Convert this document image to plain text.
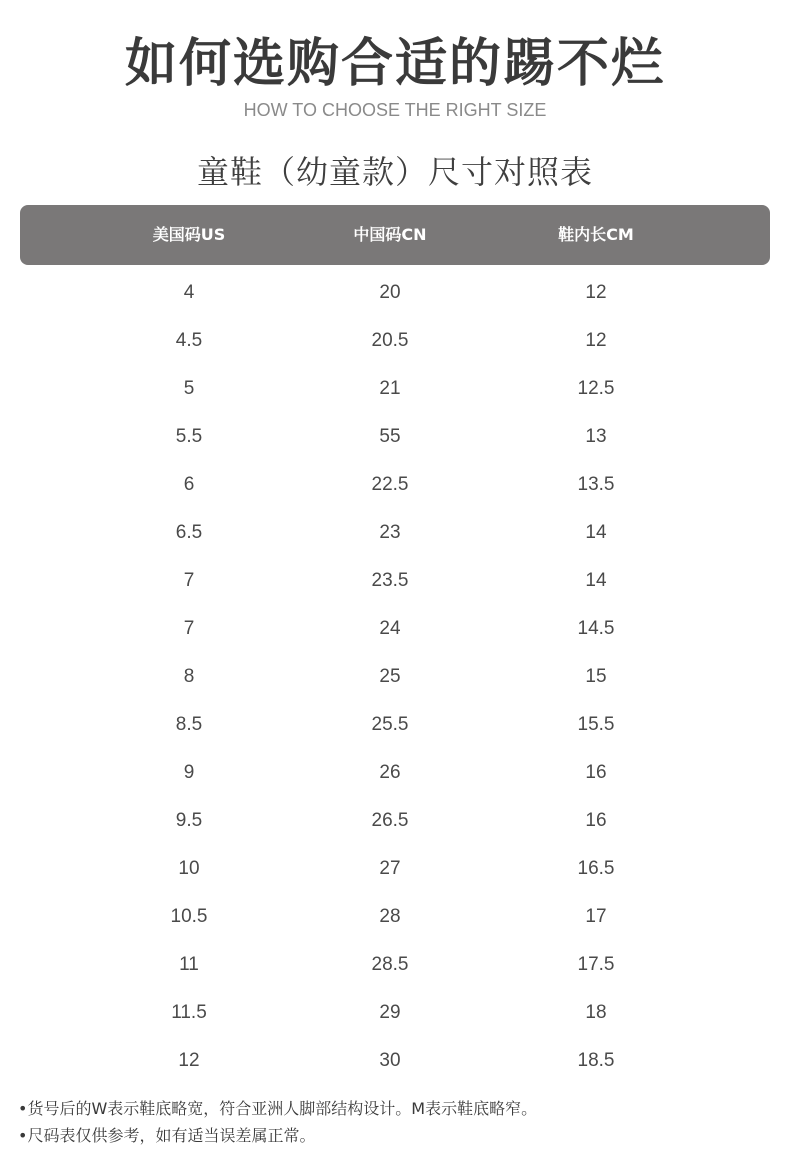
如何选购合适的踢不烂
HOW TO CHOOSE THE RIGHT SIZE
童鞋（幼童款）尺寸对照表
美国码US	中国码CN	鞋内长CM
4	20	12
4.5	20.5	12
5	21	12.5
5.5	55	13
6	22.5	13.5
6.5	23	14
7	23.5	14
7	24	14.5
8	25	15
8.5	25.5	15.5
9	26	16
9.5	26.5	16
10	27	16.5
10.5	28	17
11	28.5	17.5
11.5	29	18
12	30	18.5
•货号后的W表示鞋底略宽，符合亚洲人脚部结构设计。M表示鞋底略窄。
•尺码表仅供参考，如有适当误差属正常。
